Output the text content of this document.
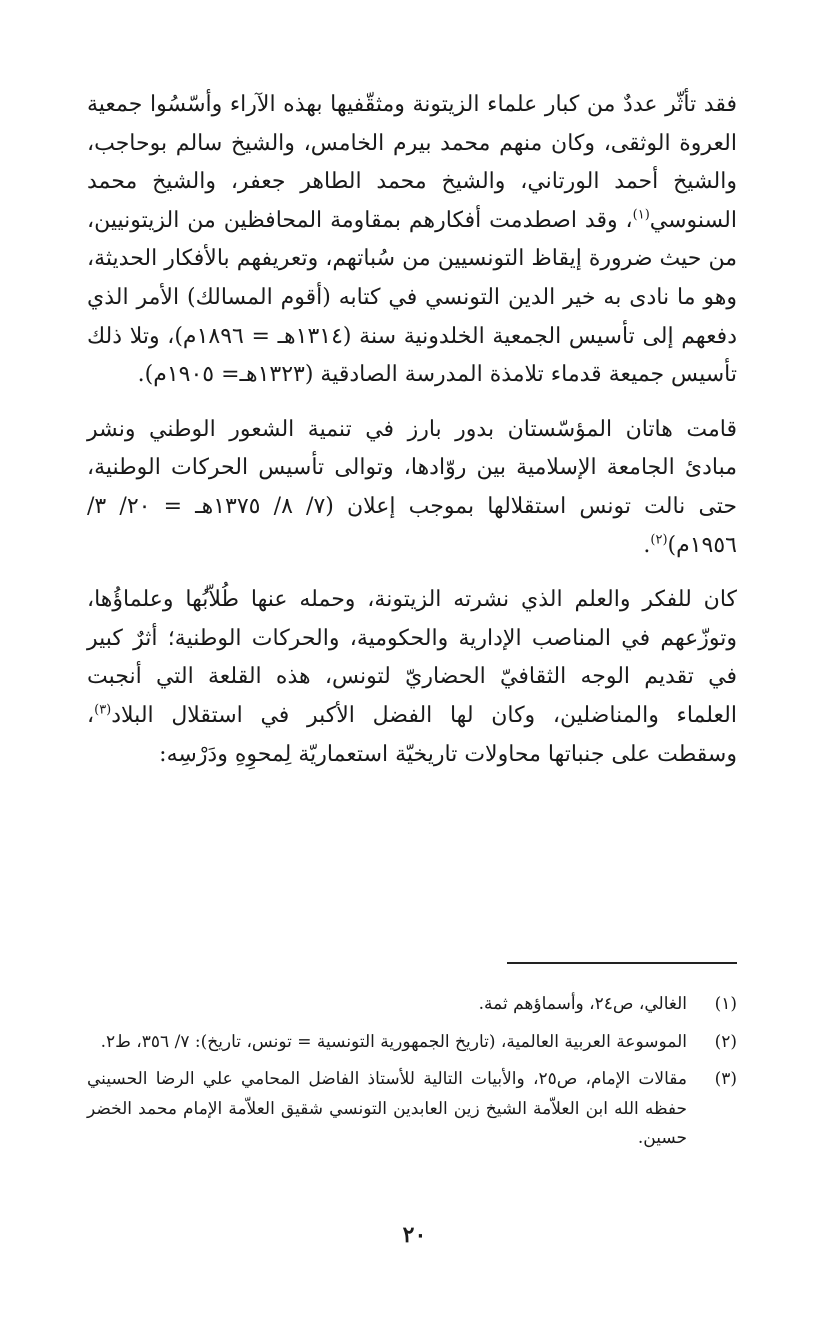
فقد تأثّر عددٌ من كبار علماء الزيتونة ومثقّفيها بهذه الآراء وأسّسُوا جمعية العروة الوثقى، وكان منهم محمد بيرم الخامس، والشيخ سالم بوحاجب، والشيخ أحمد الورتاني، والشيخ محمد الطاهر جعفر، والشيخ محمد السنوسي$^{(١)}$، وقد اصطدمت أفكارهم بمقاومة المحافظين من الزيتونيين، من حيث ضرورة إيقاظ التونسيين من سُباتهم، وتعريفهم بالأفكار الحديثة، وهو ما نادى به خير الدين التونسي في كتابه (أقوم المسالك) الأمر الذي دفعهم إلى تأسيس الجمعية الخلدونية سنة (١٣١٤هـ = ١٨٩٦م)، وتلا ذلك تأسيس جميعة قدماء تلامذة المدرسة الصادقية (١٣٢٣هـ= ١٩٠٥م).

قامت هاتان المؤسّستان بدور بارز في تنمية الشعور الوطني ونشر مبادئ الجامعة الإسلامية بين روّادها، وتوالى تأسيس الحركات الوطنية، حتى نالت تونس استقلالها بموجب إعلان (٧/ ٨/ ١٣٧٥هـ = ٢٠/ ٣/ ١٩٥٦م)$^{(٢)}$.

كان للفكر والعلم الذي نشرته الزيتونة، وحمله عنها طُلاّبُها وعلماؤُها، وتوزّعهم في المناصب الإدارية والحكومية، والحركات الوطنية؛ أثرٌ كبير في تقديم الوجه الثقافيّ الحضاريّ لتونس، هذه القلعة التي أنجبت العلماء والمناضلين، وكان لها الفضل الأكبر في استقلال البلاد$^{(٣)}$، وسقطت على جنباتها محاولات تاريخيّة استعماريّة لِمحوِهِ ودَرْسِه:

(١)
الغالي، ص٢٤، وأسماؤهم ثمة.
(٢)
الموسوعة العربية العالمية، (تاريخ الجمهورية التونسية = تونس، تاريخ): ٧/ ٣٥٦، ط٢.
(٣)
مقالات الإمام، ص٢٥، والأبيات التالية للأستاذ الفاضل المحامي علي الرضا الحسيني حفظه الله ابن العلاّمة الشيخ زين العابدين التونسي شقيق العلاّمة الإمام محمد الخضر حسين.
٢٠
